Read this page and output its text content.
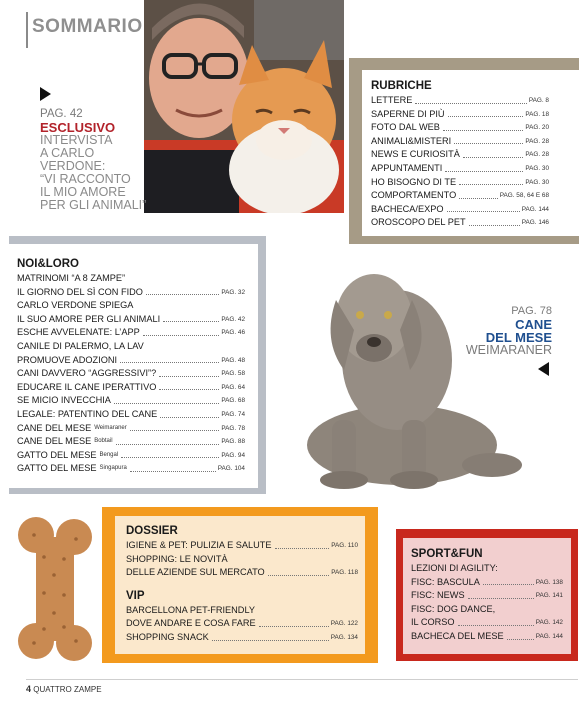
SOMMARIO
PAG. 42
ESCLUSIVO
INTERVISTA
A CARLO
VERDONE:
“VI RACCONTO
IL MIO AMORE
PER GLI ANIMALI”
RUBRICHE
LETTERE	PAG. 8
SAPERNE DI PIÙ	PAG. 18
FOTO DAL WEB	PAG. 20
ANIMALI&MISTERI	PAG. 28
NEWS E CURIOSITÀ	PAG. 28
APPUNTAMENTI	PAG. 30
HO BISOGNO DI TE	PAG. 30
COMPORTAMENTO	PAG. 58, 64 E 68
BACHECA/EXPO	PAG. 144
OROSCOPO DEL PET	PAG. 146
NOI&LORO
MATRINOMI “A 8 ZAMPE”
IL GIORNO DEL SÌ CON FIDO	PAG. 32
CARLO VERDONE SPIEGA
IL SUO AMORE PER GLI ANIMALI	PAG. 42
ESCHE AVVELENATE: L’APP	PAG. 46
CANILE DI PALERMO, LA LAV
PROMUOVE ADOZIONI	PAG. 48
CANI DAVVERO “AGGRESSIVI”?	PAG. 58
EDUCARE IL CANE IPERATTIVO	PAG. 64
SE MICIO INVECCHIA	PAG. 68
LEGALE: PATENTINO DEL CANE	PAG. 74
CANE DEL MESE Weimaraner	PAG. 78
CANE DEL MESE Bobtail	PAG. 88
GATTO DEL MESE Bengal	PAG. 94
GATTO DEL MESE Singapura	PAG. 104
PAG. 78
CANE
DEL MESE
WEIMARANER
DOSSIER
IGIENE & PET: PULIZIA E SALUTE	PAG. 110
SHOPPING: LE NOVITÀ
DELLE AZIENDE SUL MERCATO	PAG. 118
VIP
BARCELLONA PET-FRIENDLY
DOVE ANDARE E COSA FARE	PAG. 122
SHOPPING SNACK	PAG. 134
SPORT&FUN
LEZIONI DI AGILITY:
FISC: BASCULA	PAG. 138
FISC: NEWS	PAG. 141
FISC: DOG DANCE,
IL CORSO	PAG. 142
BACHECA DEL MESE	PAG. 144
4 QUATTRO ZAMPE
